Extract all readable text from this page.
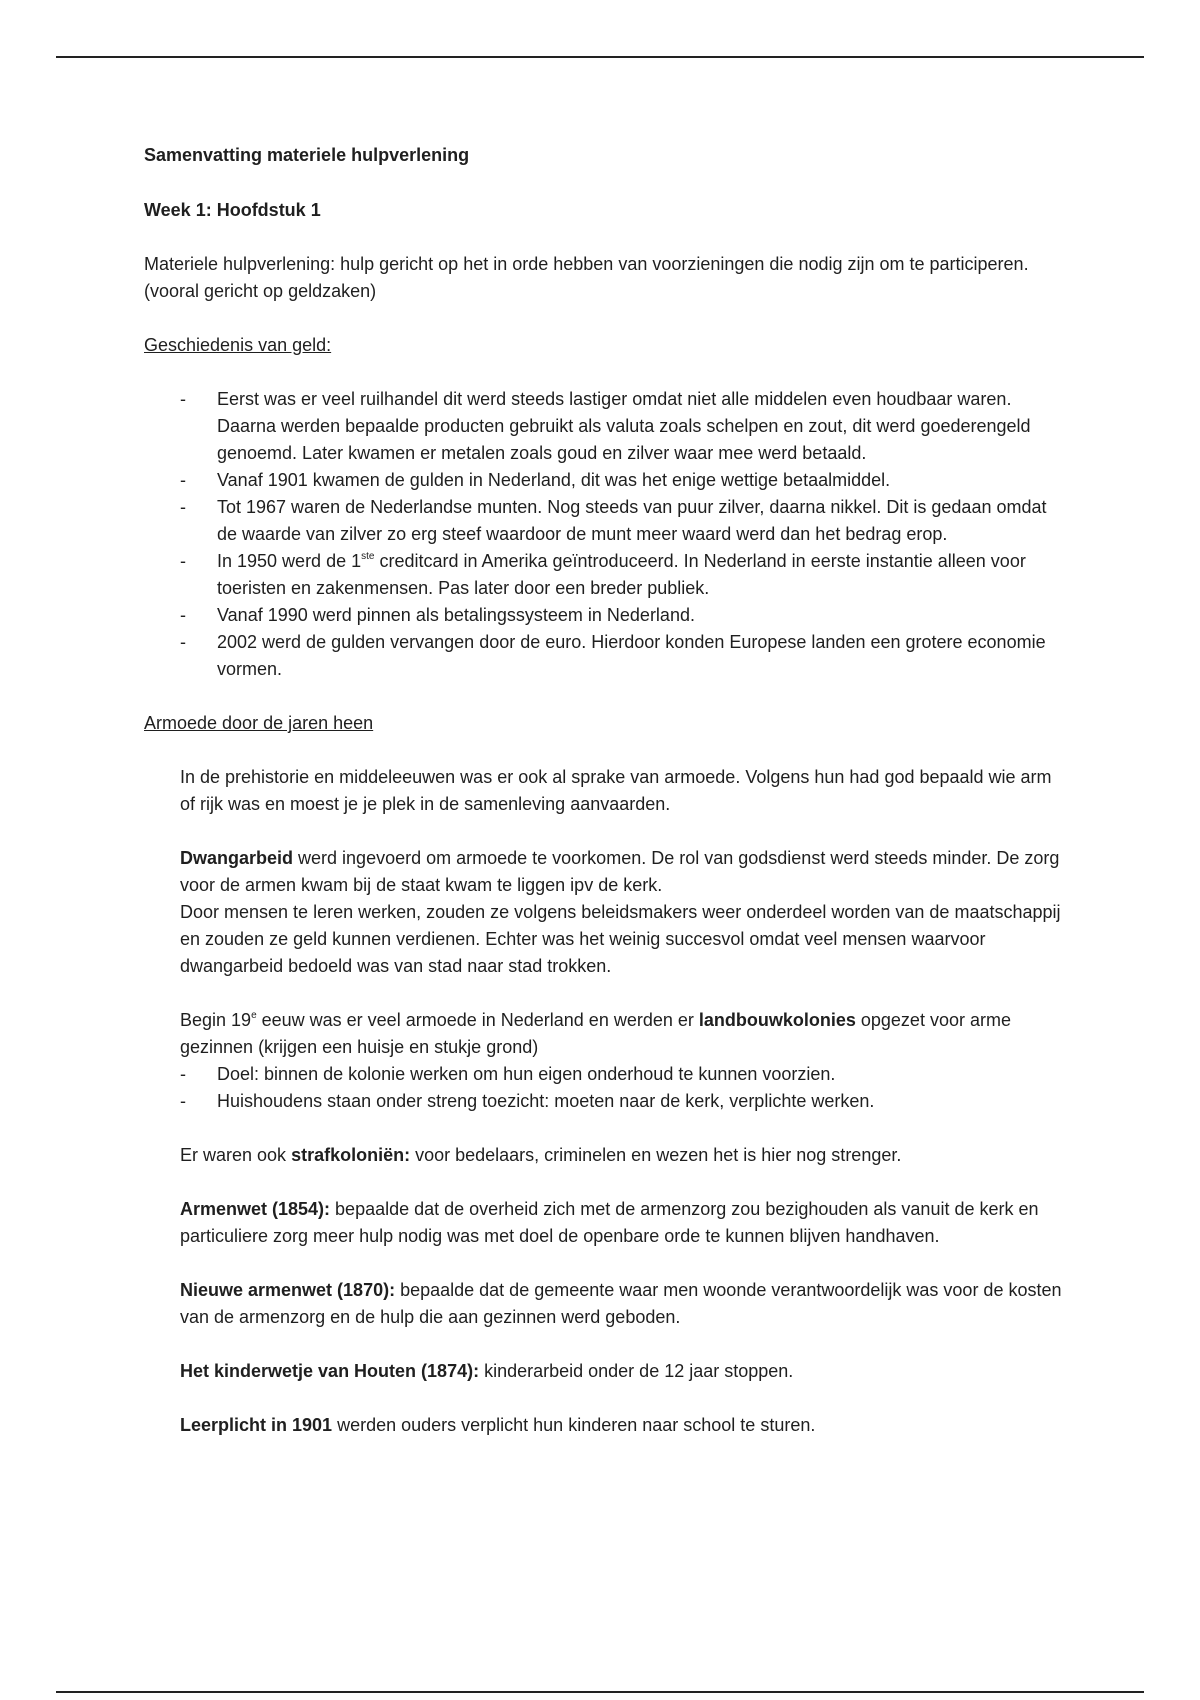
Samenvatting materiele hulpverlening

Week 1: Hoofdstuk 1

Materiele hulpverlening: hulp gericht op het in orde hebben van voorzieningen die nodig zijn om te participeren. (vooral gericht op geldzaken)

Geschiedenis van geld:
- Eerst was er veel ruilhandel dit werd steeds lastiger omdat niet alle middelen even houdbaar waren. Daarna werden bepaalde producten gebruikt als valuta zoals schelpen en zout, dit werd goederengeld genoemd. Later kwamen er metalen zoals goud en zilver waar mee werd betaald.
- Vanaf 1901 kwamen de gulden in Nederland, dit was het enige wettige betaalmiddel.
- Tot 1967 waren de Nederlandse munten. Nog steeds van puur zilver, daarna nikkel. Dit is gedaan omdat de waarde van zilver zo erg steef waardoor de munt meer waard werd dan het bedrag erop.
- In 1950 werd de 1ste creditcard in Amerika geïntroduceerd. In Nederland in eerste instantie alleen voor toeristen en zakenmensen. Pas later door een breder publiek.
- Vanaf 1990 werd pinnen als betalingssysteem in Nederland.
- 2002 werd de gulden vervangen door de euro. Hierdoor konden Europese landen een grotere economie vormen.
Armoede door de jaren heen

In de prehistorie en middeleeuwen was er ook al sprake van armoede. Volgens hun had god bepaald wie arm of rijk was en moest je je plek in de samenleving aanvaarden.

Dwangarbeid werd ingevoerd om armoede te voorkomen. De rol van godsdienst werd steeds minder. De zorg voor de armen kwam bij de staat kwam te liggen ipv de kerk.

Door mensen te leren werken, zouden ze volgens beleidsmakers weer onderdeel worden van de maatschappij en zouden ze geld kunnen verdienen. Echter was het weinig succesvol omdat veel mensen waarvoor dwangarbeid bedoeld was van stad naar stad trokken.

Begin 19e eeuw was er veel armoede in Nederland en werden er landbouwkolonies opgezet voor arme gezinnen (krijgen een huisje en stukje grond)

- Doel: binnen de kolonie werken om hun eigen onderhoud te kunnen voorzien.
- Huishoudens staan onder streng toezicht: moeten naar de kerk, verplichte werken.

Er waren ook strafkoloniën: voor bedelaars, criminelen en wezen het is hier nog strenger.

Armenwet (1854): bepaalde dat de overheid zich met de armenzorg zou bezighouden als vanuit de kerk en particuliere zorg meer hulp nodig was met doel de openbare orde te kunnen blijven handhaven.

Nieuwe armenwet (1870): bepaalde dat de gemeente waar men woonde verantwoordelijk was voor de kosten van de armenzorg en de hulp die aan gezinnen werd geboden.

Het kinderwetje van Houten (1874): kinderarbeid onder de 12 jaar stoppen.

Leerplicht in 1901 werden ouders verplicht hun kinderen naar school te sturen.
